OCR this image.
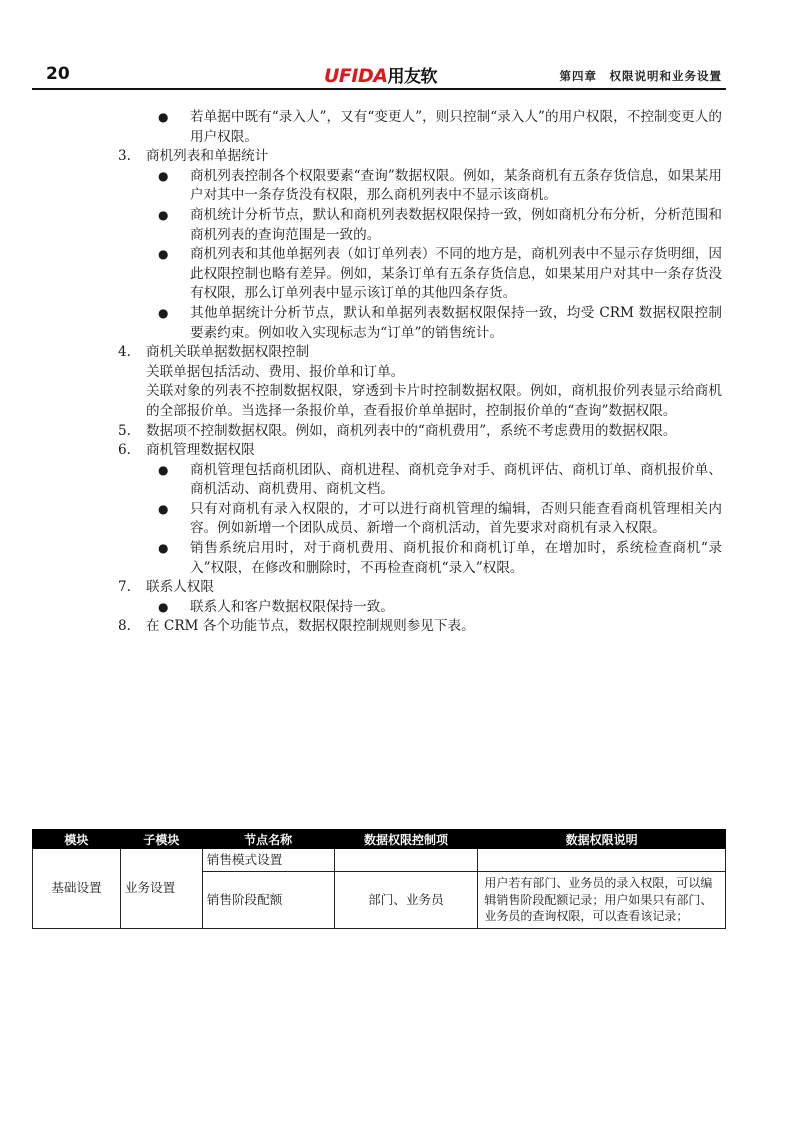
20	UFIDA用友软	第四章　权限说明和业务设置
● 若单据中既有“录入人”，又有“变更人”，则只控制“录入人”的用户权限，不控制变更人的用户权限。
3. 商机列表和单据统计
● 商机列表控制各个权限要素“查询”数据权限。例如，某条商机有五条存货信息，如果某用户对其中一条存货没有权限，那么商机列表中不显示该商机。
● 商机统计分析节点，默认和商机列表数据权限保持一致，例如商机分布分析，分析范围和商机列表的查询范围是一致的。
● 商机列表和其他单据列表（如订单列表）不同的地方是，商机列表中不显示存货明细，因此权限控制也略有差异。例如，某条订单有五条存货信息，如果某用户对其中一条存货没有权限，那么订单列表中显示该订单的其他四条存货。
● 其他单据统计分析节点，默认和单据列表数据权限保持一致，均受 CRM 数据权限控制要素约束。例如收入实现标志为“订单”的销售统计。
4. 商机关联单据数据权限控制
关联单据包括活动、费用、报价单和订单。
关联对象的列表不控制数据权限，穿透到卡片时控制数据权限。例如，商机报价列表显示给商机的全部报价单。当选择一条报价单，查看报价单单据时，控制报价单的“查询”数据权限。
5. 数据项不控制数据权限。例如，商机列表中的“商机费用”，系统不考虑费用的数据权限。
6. 商机管理数据权限
● 商机管理包括商机团队、商机进程、商机竞争对手、商机评估、商机订单、商机报价单、商机活动、商机费用、商机文档。
● 只有对商机有录入权限的，才可以进行商机管理的编辑，否则只能查看商机管理相关内容。例如新增一个团队成员、新增一个商机活动，首先要求对商机有录入权限。
● 销售系统启用时，对于商机费用、商机报价和商机订单，在增加时，系统检查商机“录入”权限，在修改和删除时，不再检查商机“录入”权限。
7. 联系人权限
● 联系人和客户数据权限保持一致。
8. 在 CRM 各个功能节点，数据权限控制规则参见下表。
模块	子模块	节点名称	数据权限控制项	数据权限说明
基础设置	业务设置	销售模式设置		
		销售阶段配额	部门、业务员	用户若有部门、业务员的录入权限，可以编辑销售阶段配额记录；用户如果只有部门、业务员的查询权限，可以查看该记录；
